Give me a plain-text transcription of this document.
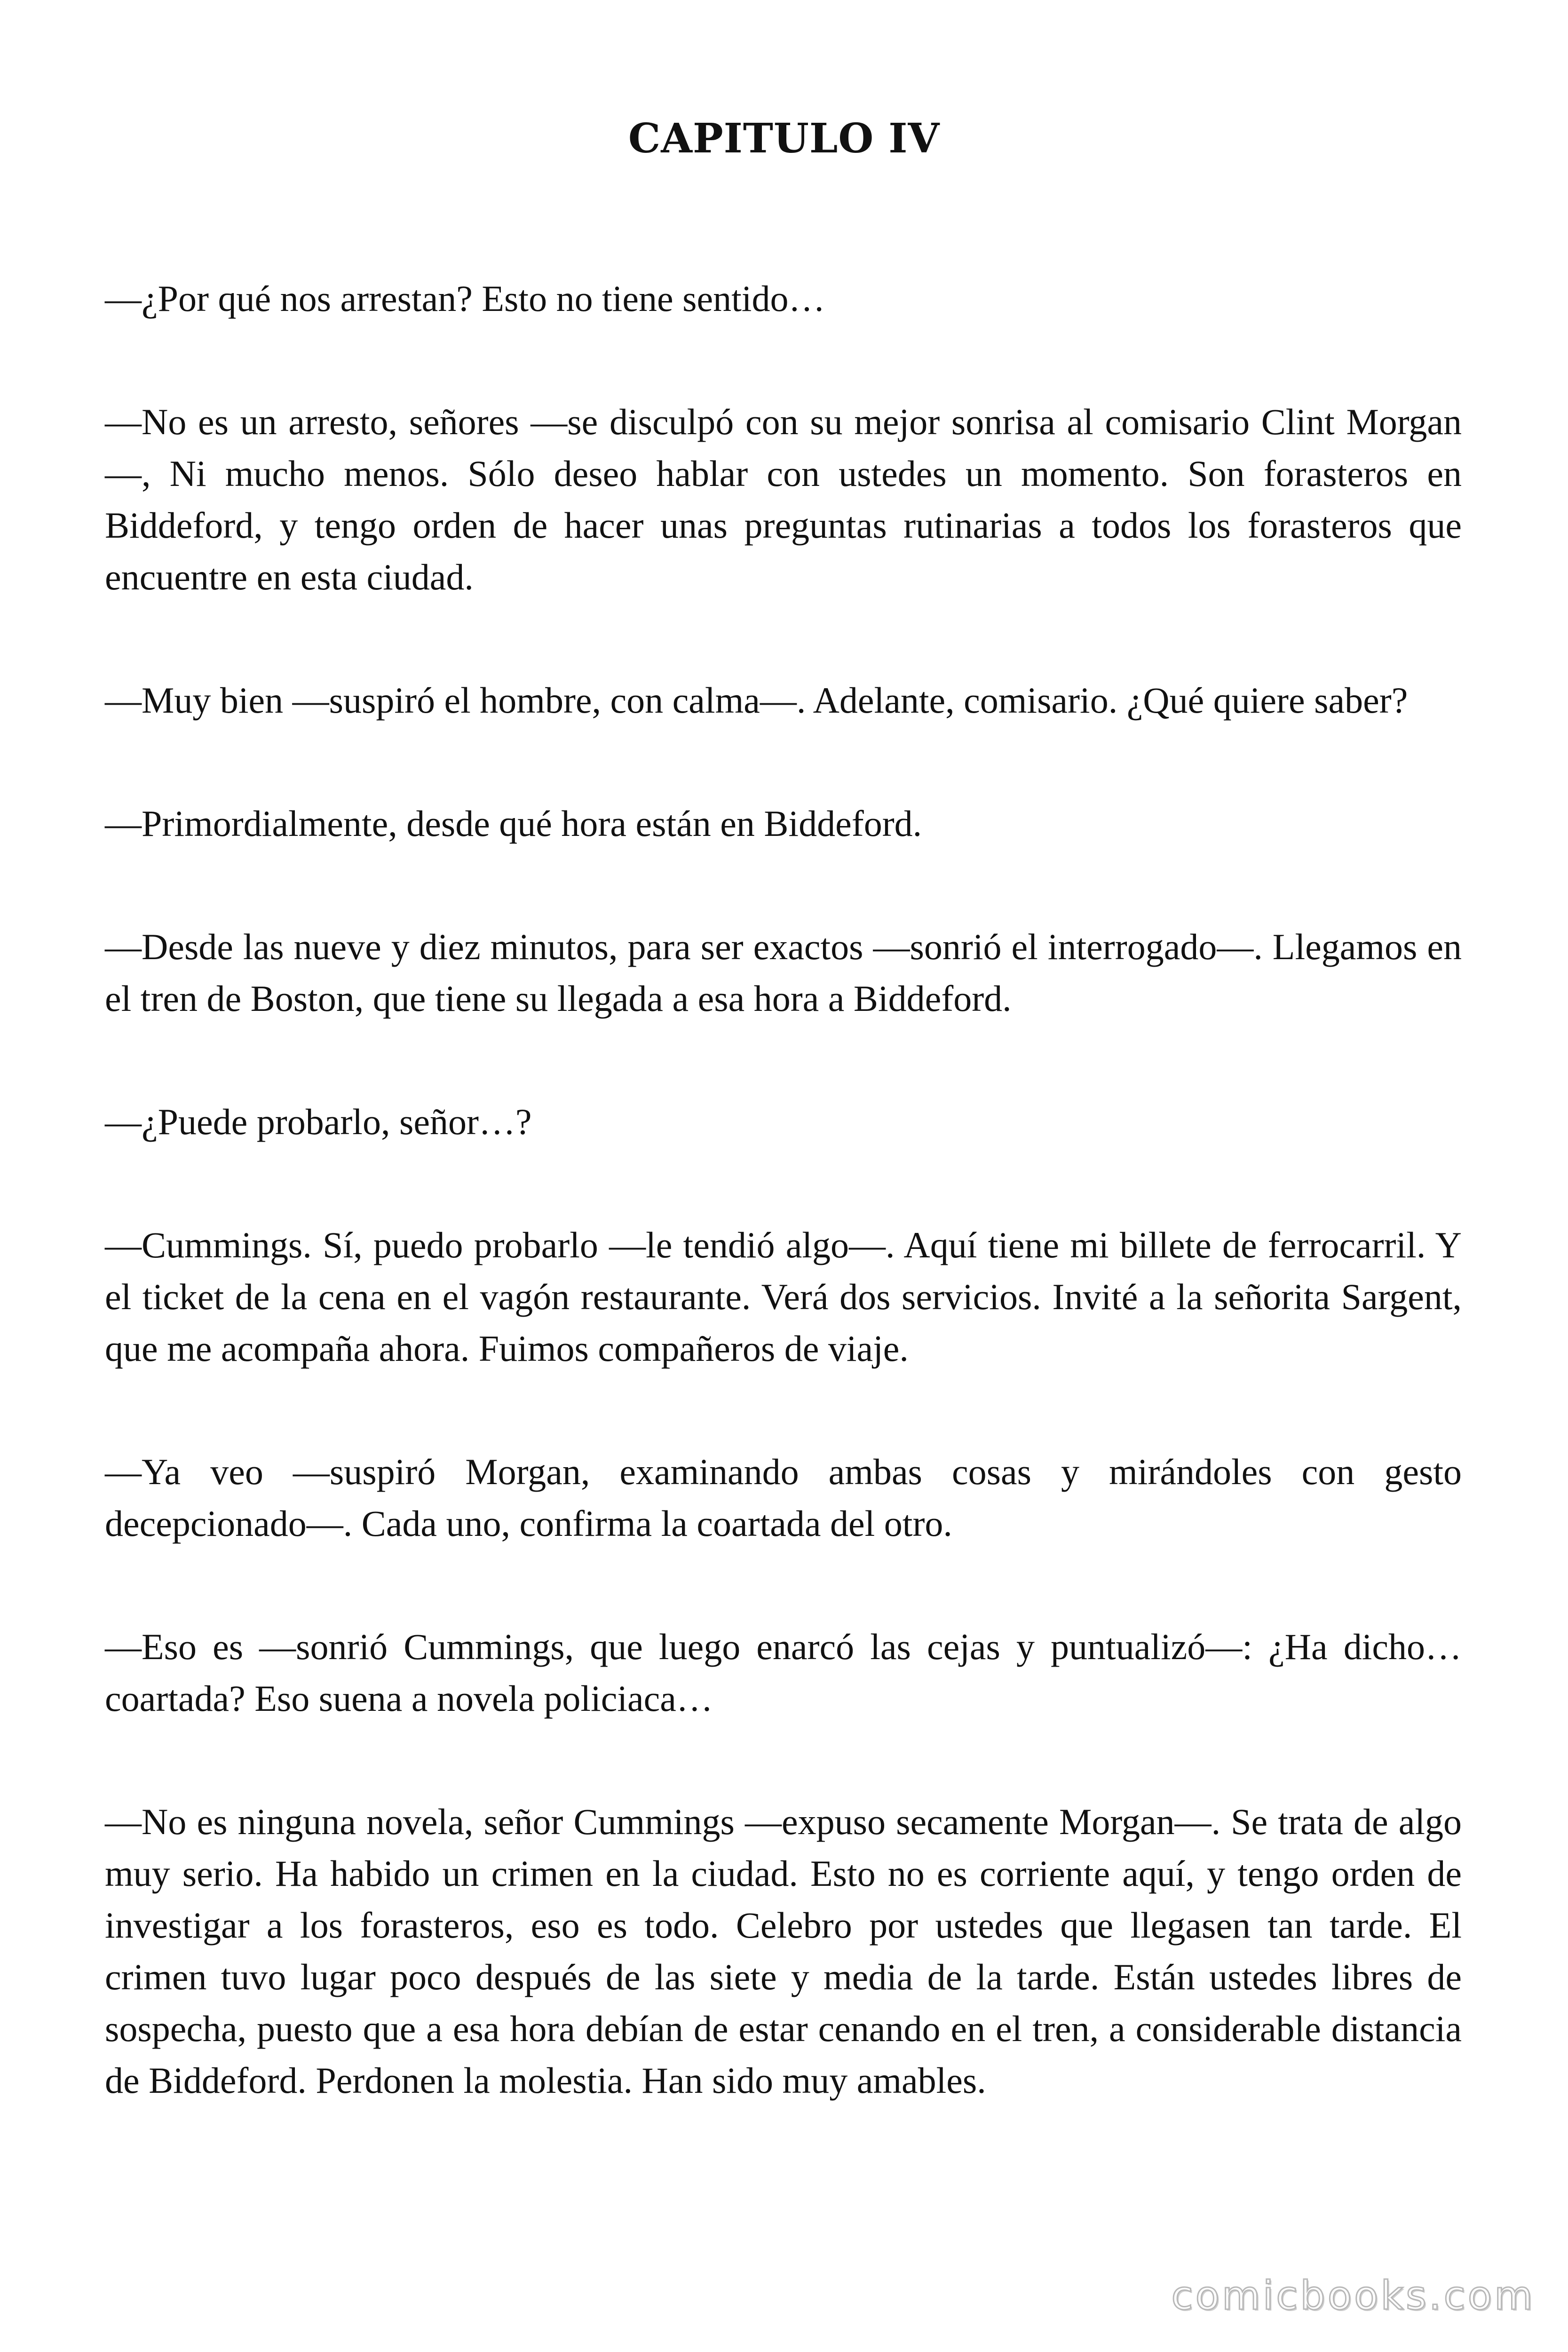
CAPITULO IV

—¿Por qué nos arrestan? Esto no tiene sentido…

—No es un arresto, señores —se disculpó con su mejor sonrisa al comisario Clint Morgan—, Ni mucho menos. Sólo deseo hablar con ustedes un momento. Son forasteros en Biddeford, y tengo orden de hacer unas preguntas rutinarias a todos los forasteros que encuentre en esta ciudad.

—Muy bien —suspiró el hombre, con calma—. Adelante, comisario. ¿Qué quiere saber?

—Primordialmente, desde qué hora están en Biddeford.

—Desde las nueve y diez minutos, para ser exactos —sonrió el interrogado—. Llegamos en el tren de Boston, que tiene su llegada a esa hora a Biddeford.

—¿Puede probarlo, señor…?

—Cummings. Sí, puedo probarlo —le tendió algo—. Aquí tiene mi billete de ferrocarril. Y el ticket de la cena en el vagón restaurante. Verá dos servicios. Invité a la señorita Sargent, que me acompaña ahora. Fuimos compañeros de viaje.

—Ya veo —suspiró Morgan, examinando ambas cosas y mirándoles con gesto decepcionado—. Cada uno, confirma la coartada del otro.

—Eso es —sonrió Cummings, que luego enarcó las cejas y puntualizó—: ¿Ha dicho… coartada? Eso suena a novela policiaca…

—No es ninguna novela, señor Cummings —expuso secamente Morgan—. Se trata de algo muy serio. Ha habido un crimen en la ciudad. Esto no es corriente aquí, y tengo orden de investigar a los forasteros, eso es todo. Celebro por ustedes que llegasen tan tarde. El crimen tuvo lugar poco después de las siete y media de la tarde. Están ustedes libres de sospecha, puesto que a esa hora debían de estar cenando en el tren, a considerable distancia de Biddeford. Perdonen la molestia. Han sido muy amables.

comicbooks.com
